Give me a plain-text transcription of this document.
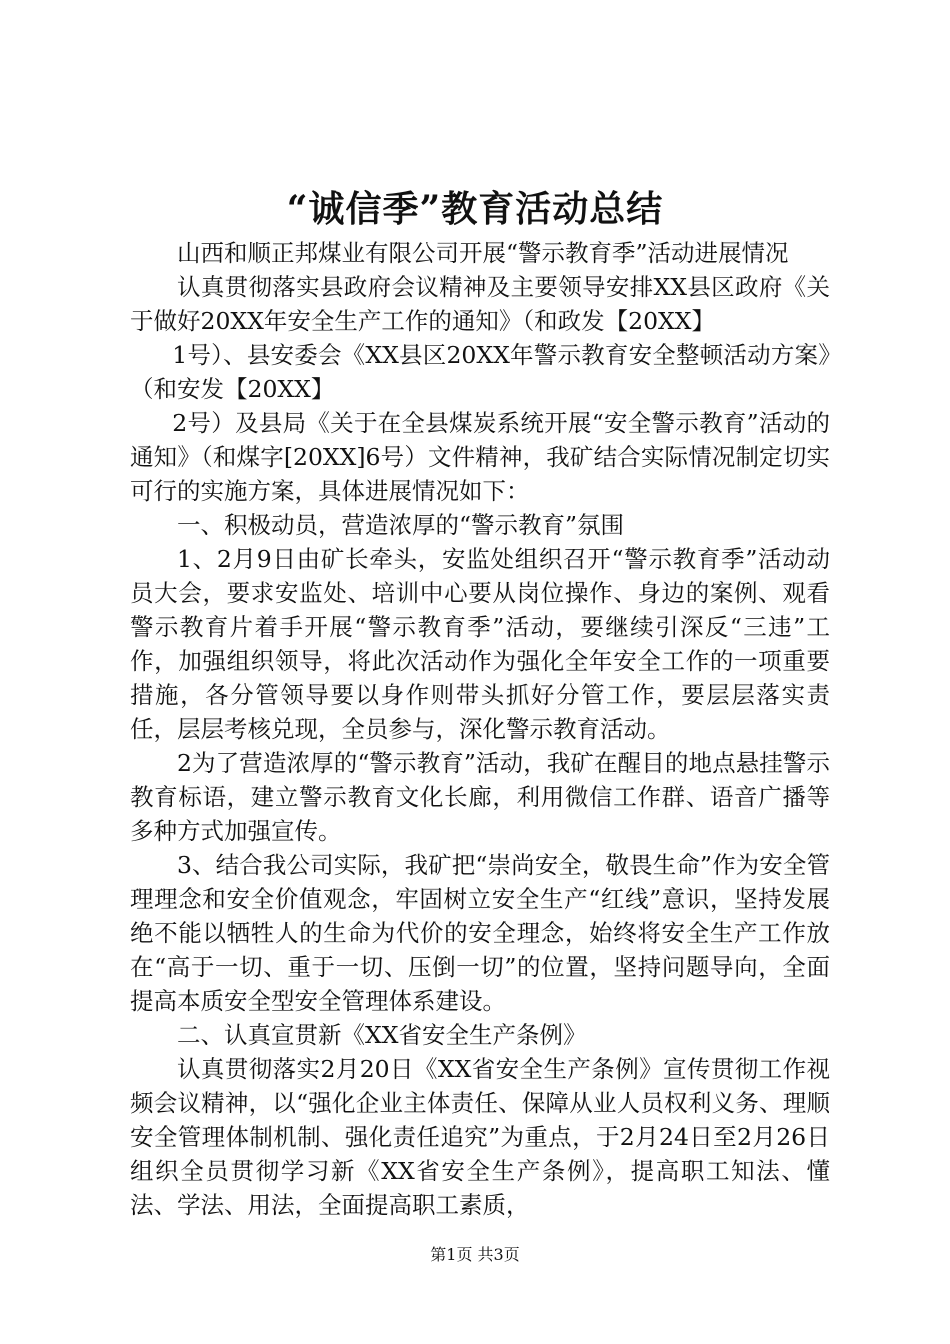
“诚信季”教育活动总结

山西和顺正邦煤业有限公司开展“警示教育季”活动进展情况

认真贯彻落实县政府会议精神及主要领导安排XX县区政府《关于做好20XX年安全生产工作的通知》（和政发【20XX】

1号）、县安委会《XX县区20XX年警示教育安全整顿活动方案》（和安发【20XX】

2号）及县局《关于在全县煤炭系统开展“安全警示教育”活动的通知》（和煤字[20XX]6号）文件精神，我矿结合实际情况制定切实可行的实施方案，具体进展情况如下：

一、积极动员，营造浓厚的“警示教育”氛围

1、2月9日由矿长牵头，安监处组织召开“警示教育季”活动动员大会，要求安监处、培训中心要从岗位操作、身边的案例、观看警示教育片着手开展“警示教育季”活动，要继续引深反“三违”工作，加强组织领导，将此次活动作为强化全年安全工作的一项重要措施，各分管领导要以身作则带头抓好分管工作，要层层落实责任，层层考核兑现，全员参与，深化警示教育活动。

2为了营造浓厚的“警示教育”活动，我矿在醒目的地点悬挂警示教育标语，建立警示教育文化长廊，利用微信工作群、语音广播等多种方式加强宣传。

3、结合我公司实际，我矿把“崇尚安全，敬畏生命”作为安全管理理念和安全价值观念，牢固树立安全生产“红线”意识，坚持发展绝不能以牺牲人的生命为代价的安全理念，始终将安全生产工作放在“高于一切、重于一切、压倒一切”的位置，坚持问题导向，全面提高本质安全型安全管理体系建设。

二、认真宣贯新《XX省安全生产条例》

认真贯彻落实2月20日《XX省安全生产条例》宣传贯彻工作视频会议精神，以“强化企业主体责任、保障从业人员权利义务、理顺安全管理体制机制、强化责任追究”为重点，于2月24日至2月26日组织全员贯彻学习新《XX省安全生产条例》，提高职工知法、懂法、学法、用法，全面提高职工素质，

第1页 共3页
